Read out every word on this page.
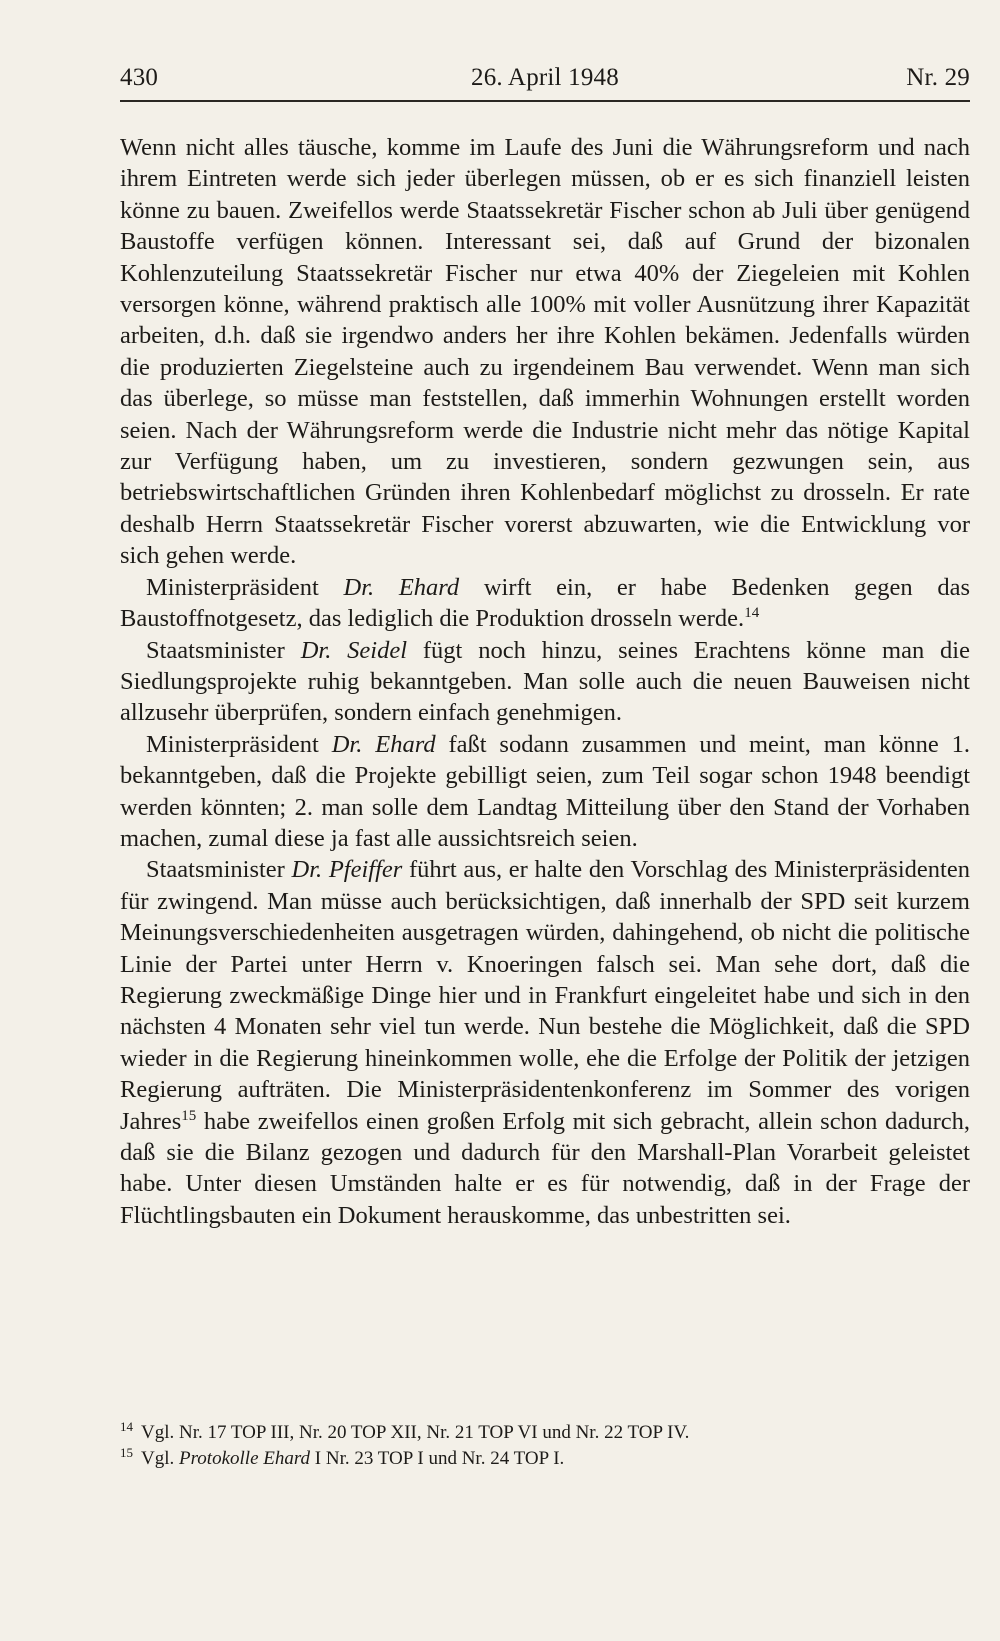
430	26. April 1948	Nr. 29

Wenn nicht alles täusche, komme im Laufe des Juni die Währungsreform und nach ihrem Eintreten werde sich jeder überlegen müssen, ob er es sich finanziell leisten könne zu bauen. Zweifellos werde Staatssekretär Fischer schon ab Juli über genügend Baustoffe verfügen können. Interessant sei, daß auf Grund der bizonalen Kohlenzuteilung Staatssekretär Fischer nur etwa 40% der Ziegeleien mit Kohlen versorgen könne, während praktisch alle 100% mit voller Ausnützung ihrer Kapazität arbeiten, d.h. daß sie irgendwo anders her ihre Kohlen bekämen. Jedenfalls würden die produzierten Ziegelsteine auch zu irgendeinem Bau verwendet. Wenn man sich das überlege, so müsse man feststellen, daß immerhin Wohnungen erstellt worden seien. Nach der Währungsreform werde die Industrie nicht mehr das nötige Kapital zur Verfügung haben, um zu investieren, sondern gezwungen sein, aus betriebswirtschaftlichen Gründen ihren Kohlenbedarf möglichst zu drosseln. Er rate deshalb Herrn Staatssekretär Fischer vorerst abzuwarten, wie die Entwicklung vor sich gehen werde.

Ministerpräsident Dr. Ehard wirft ein, er habe Bedenken gegen das Baustoffnotgesetz, das lediglich die Produktion drosseln werde.$^{14}$

Staatsminister Dr. Seidel fügt noch hinzu, seines Erachtens könne man die Siedlungsprojekte ruhig bekanntgeben. Man solle auch die neuen Bauweisen nicht allzusehr überprüfen, sondern einfach genehmigen.

Ministerpräsident Dr. Ehard faßt sodann zusammen und meint, man könne 1. bekanntgeben, daß die Projekte gebilligt seien, zum Teil sogar schon 1948 beendigt werden könnten; 2. man solle dem Landtag Mitteilung über den Stand der Vorhaben machen, zumal diese ja fast alle aussichtsreich seien.

Staatsminister Dr. Pfeiffer führt aus, er halte den Vorschlag des Ministerpräsidenten für zwingend. Man müsse auch berücksichtigen, daß innerhalb der SPD seit kurzem Meinungsverschiedenheiten ausgetragen würden, dahingehend, ob nicht die politische Linie der Partei unter Herrn v. Knoeringen falsch sei. Man sehe dort, daß die Regierung zweckmäßige Dinge hier und in Frankfurt eingeleitet habe und sich in den nächsten 4 Monaten sehr viel tun werde. Nun bestehe die Möglichkeit, daß die SPD wieder in die Regierung hineinkommen wolle, ehe die Erfolge der Politik der jetzigen Regierung aufträten. Die Ministerpräsidentenkonferenz im Sommer des vorigen Jahres$^{15}$ habe zweifellos einen großen Erfolg mit sich gebracht, allein schon dadurch, daß sie die Bilanz gezogen und dadurch für den Marshall-Plan Vorarbeit geleistet habe. Unter diesen Umständen halte er es für notwendig, daß in der Frage der Flüchtlingsbauten ein Dokument herauskomme, das unbestritten sei.

$^{14}$ Vgl. Nr. 17 TOP III, Nr. 20 TOP XII, Nr. 21 TOP VI und Nr. 22 TOP IV.
$^{15}$ Vgl. Protokolle Ehard I Nr. 23 TOP I und Nr. 24 TOP I.
